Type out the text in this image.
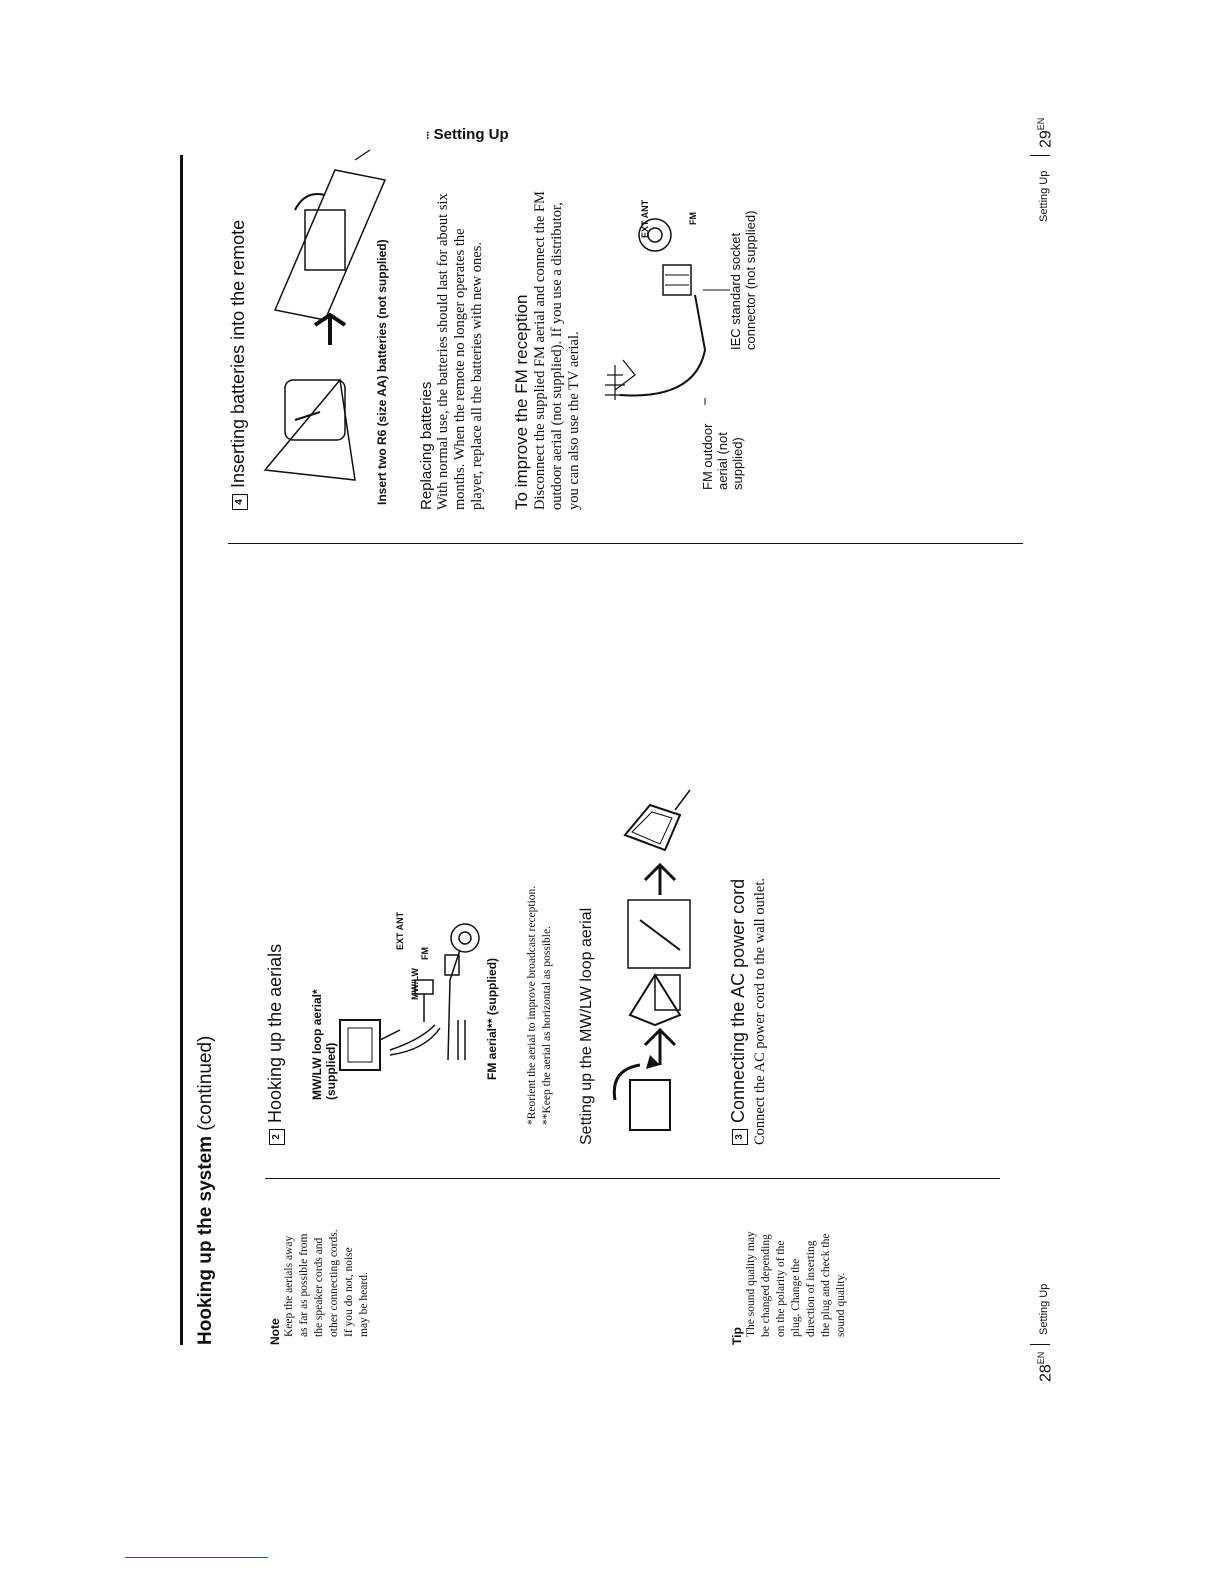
Hooking up the system (continued)
Note Keep the aerials away as far as possible from the speaker cords and other connecting cords. If you do not, noise may be heard.
2Hooking up the aerials MW/LW loop aerial* (supplied)
EXT ANT
MW/LW
FM
FM aerial** (supplied) *Reorient the aerial to improve broadcast reception. **Keep the aerial as horizontal as possible. Setting up the MW/LW loop aerial	3Connecting the AC power cord Connect the AC power cord to the wall outlet.
Tip The sound quality may be changed depending on the polarity of the plug. Change the direction of inserting the plug and check the sound quality.
$28^{EN}$
Setting Up
⁝ Setting Up
4Inserting batteries into the remote	Insert two R6 (size AA) batteries (not supplied) Replacing batteries With normal use, the batteries should last for about six months. When the remote no longer operates the player, replace all the batteries with new ones. To improve the FM reception Disconnect the supplied FM aerial and connect the FM outdoor aerial (not supplied). If you use a distributor, you can also use the TV aerial.
EXT ANT	FM
FM outdoor aerial (not supplied)
IEC standard socket connector (not supplied)
Setting Up
$29^{EN}$
